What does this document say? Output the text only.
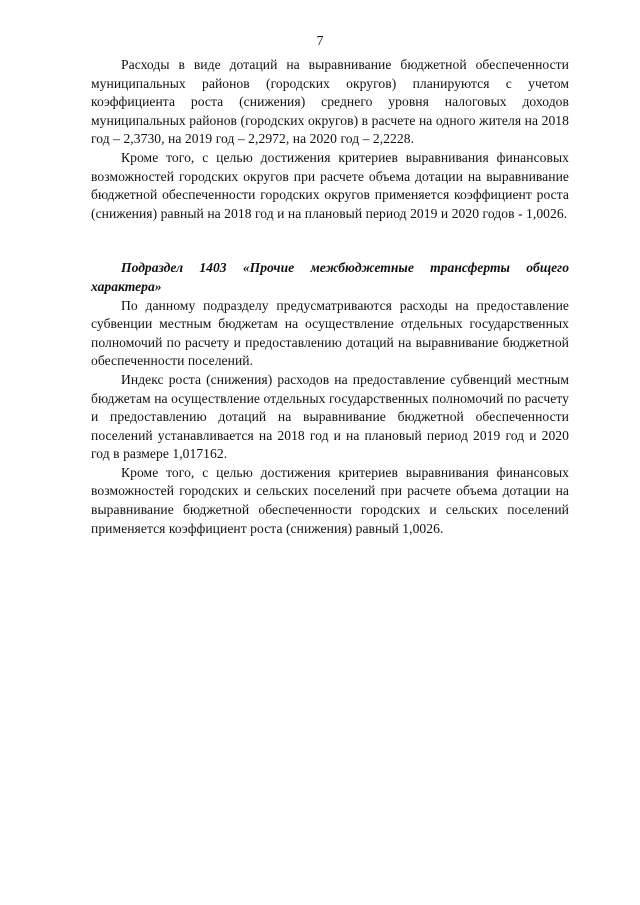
7

Расходы в виде дотаций на выравнивание бюджетной обеспеченности муниципальных районов (городских округов) планируются с учетом коэффициента роста (снижения) среднего уровня налоговых доходов муниципальных районов (городских округов) в расчете на одного жителя на 2018 год – 2,3730, на 2019 год – 2,2972, на 2020 год – 2,2228.

Кроме того, с целью достижения критериев выравнивания финансовых возможностей городских округов при расчете объема дотации на выравнивание бюджетной обеспеченности городских округов применяется коэффициент роста (снижения) равный на 2018 год и на плановый период 2019 и 2020 годов - 1,0026.

Подраздел 1403 «Прочие межбюджетные трансферты общего характера»

По данному подразделу предусматриваются расходы на предоставление субвенции местным бюджетам на осуществление отдельных государственных полномочий по расчету и предоставлению дотаций на выравнивание бюджетной обеспеченности поселений.

Индекс роста (снижения) расходов на предоставление субвенций местным бюджетам на осуществление отдельных государственных полномочий по расчету и предоставлению дотаций на выравнивание бюджетной обеспеченности поселений устанавливается на 2018 год и на плановый период 2019 год и 2020 год в размере 1,017162.

Кроме того, с целью достижения критериев выравнивания финансовых возможностей городских и сельских поселений при расчете объема дотации на выравнивание бюджетной обеспеченности городских и сельских поселений применяется коэффициент роста (снижения) равный 1,0026.
